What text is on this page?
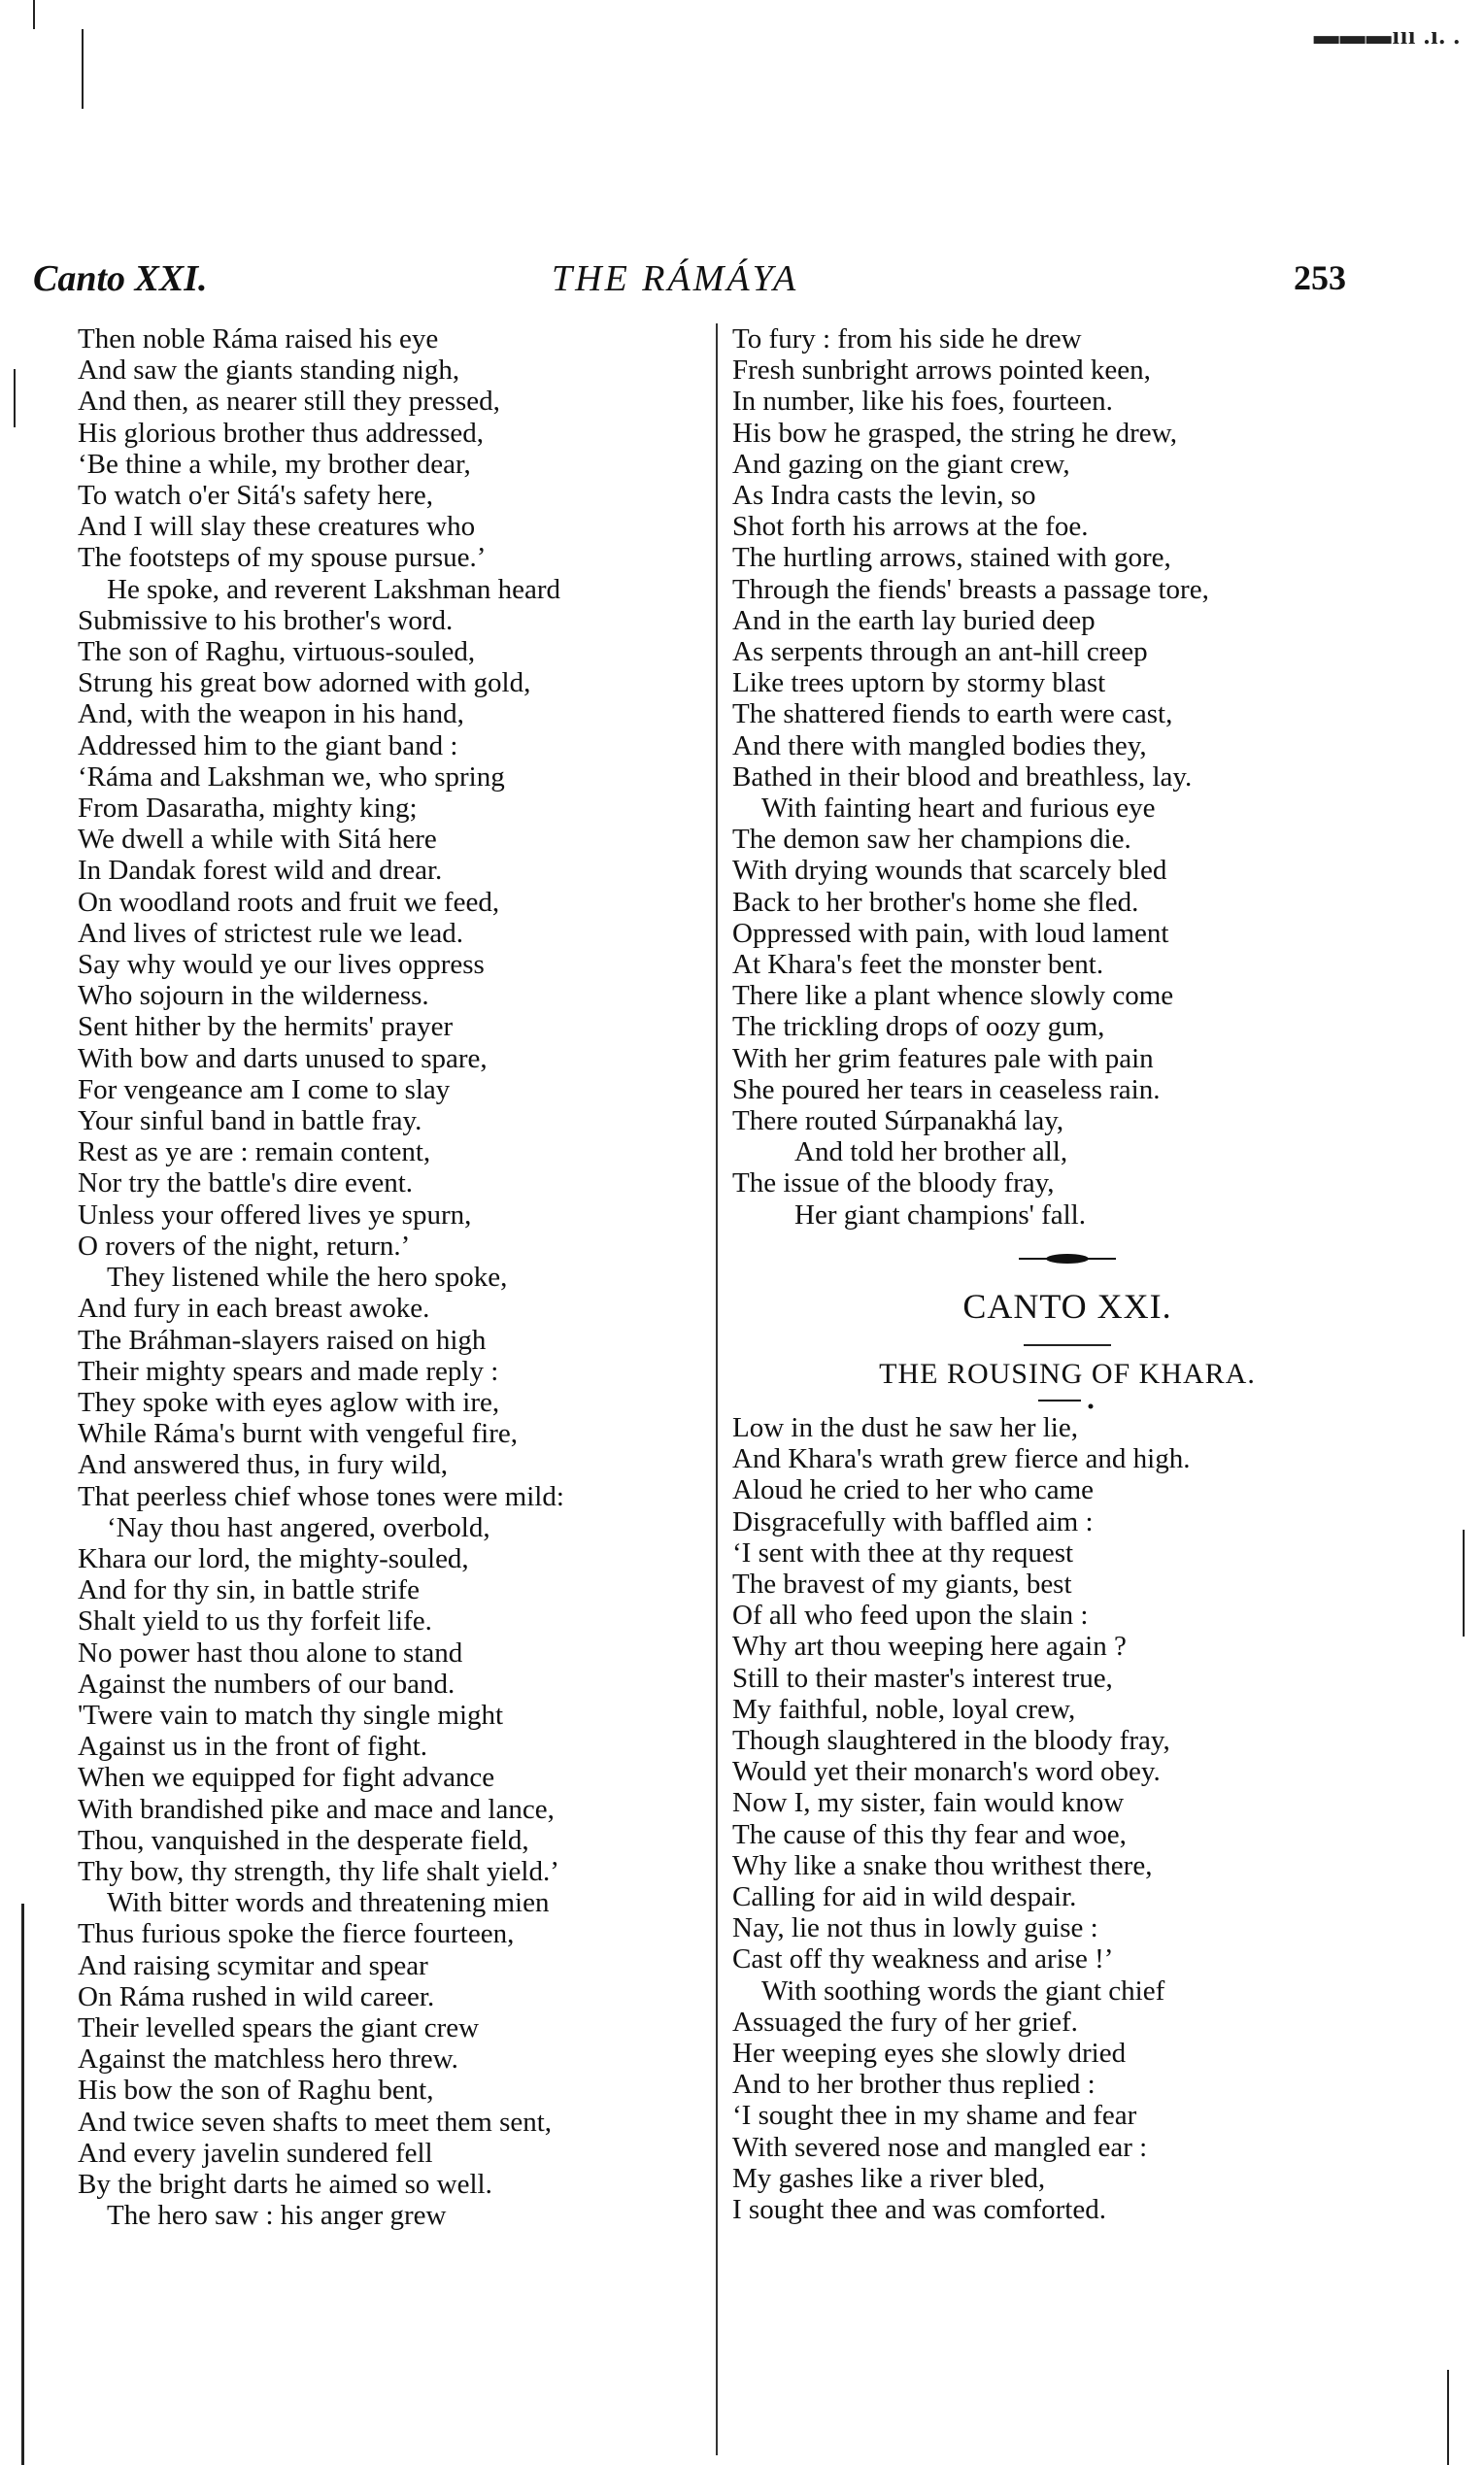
▬▬▬ııı .ı. .
Canto XXI.	THE RÁMÁYA	253
Then noble Ráma raised his eye
And saw the giants standing nigh,
And then, as nearer still they pressed,
His glorious brother thus addressed,
‘Be thine a while, my brother dear,
To watch o'er Sitá's safety here,
And I will slay these creatures who
The footsteps of my spouse pursue.’
He spoke, and reverent Lakshman heard
Submissive to his brother's word.
The son of Raghu, virtuous-souled,
Strung his great bow adorned with gold,
And, with the weapon in his hand,
Addressed him to the giant band :
‘Ráma and Lakshman we, who spring
From Dasaratha, mighty king;
We dwell a while with Sitá here
In Dandak forest wild and drear.
On woodland roots and fruit we feed,
And lives of strictest rule we lead.
Say why would ye our lives oppress
Who sojourn in the wilderness.
Sent hither by the hermits' prayer
With bow and darts unused to spare,
For vengeance am I come to slay
Your sinful band in battle fray.
Rest as ye are : remain content,
Nor try the battle's dire event.
Unless your offered lives ye spurn,
O rovers of the night, return.’
They listened while the hero spoke,
And fury in each breast awoke.
The Bráhman-slayers raised on high
Their mighty spears and made reply :
They spoke with eyes aglow with ire,
While Ráma's burnt with vengeful fire,
And answered thus, in fury wild,
That peerless chief whose tones were mild:
‘Nay thou hast angered, overbold,
Khara our lord, the mighty-souled,
And for thy sin, in battle strife
Shalt yield to us thy forfeit life.
No power hast thou alone to stand
Against the numbers of our band.
'Twere vain to match thy single might
Against us in the front of fight.
When we equipped for fight advance
With brandished pike and mace and lance,
Thou, vanquished in the desperate field,
Thy bow, thy strength, thy life shalt yield.’
With bitter words and threatening mien
Thus furious spoke the fierce fourteen,
And raising scymitar and spear
On Ráma rushed in wild career.
Their levelled spears the giant crew
Against the matchless hero threw.
His bow the son of Raghu bent,
And twice seven shafts to meet them sent,
And every javelin sundered fell
By the bright darts he aimed so well.
The hero saw : his anger grew
To fury : from his side he drew
Fresh sunbright arrows pointed keen,
In number, like his foes, fourteen.
His bow he grasped, the string he drew,
And gazing on the giant crew,
As Indra casts the levin, so
Shot forth his arrows at the foe.
The hurtling arrows, stained with gore,
Through the fiends' breasts a passage tore,
And in the earth lay buried deep
As serpents through an ant-hill creep
Like trees uptorn by stormy blast
The shattered fiends to earth were cast,
And there with mangled bodies they,
Bathed in their blood and breathless, lay.
With fainting heart and furious eye
The demon saw her champions die.
With drying wounds that scarcely bled
Back to her brother's home she fled.
Oppressed with pain, with loud lament
At Khara's feet the monster bent.
There like a plant whence slowly come
The trickling drops of oozy gum,
With her grim features pale with pain
She poured her tears in ceaseless rain.
There routed Súrpanakhá lay,
And told her brother all,
The issue of the bloody fray,
Her giant champions' fall.
CANTO XXI.
THE ROUSING OF KHARA.
Low in the dust he saw her lie,
And Khara's wrath grew fierce and high.
Aloud he cried to her who came
Disgracefully with baffled aim :
‘I sent with thee at thy request
The bravest of my giants, best
Of all who feed upon the slain :
Why art thou weeping here again ?
Still to their master's interest true,
My faithful, noble, loyal crew,
Though slaughtered in the bloody fray,
Would yet their monarch's word obey.
Now I, my sister, fain would know
The cause of this thy fear and woe,
Why like a snake thou writhest there,
Calling for aid in wild despair.
Nay, lie not thus in lowly guise :
Cast off thy weakness and arise !’
With soothing words the giant chief
Assuaged the fury of her grief.
Her weeping eyes she slowly dried
And to her brother thus replied :
‘I sought thee in my shame and fear
With severed nose and mangled ear :
My gashes like a river bled,
I sought thee and was comforted.
